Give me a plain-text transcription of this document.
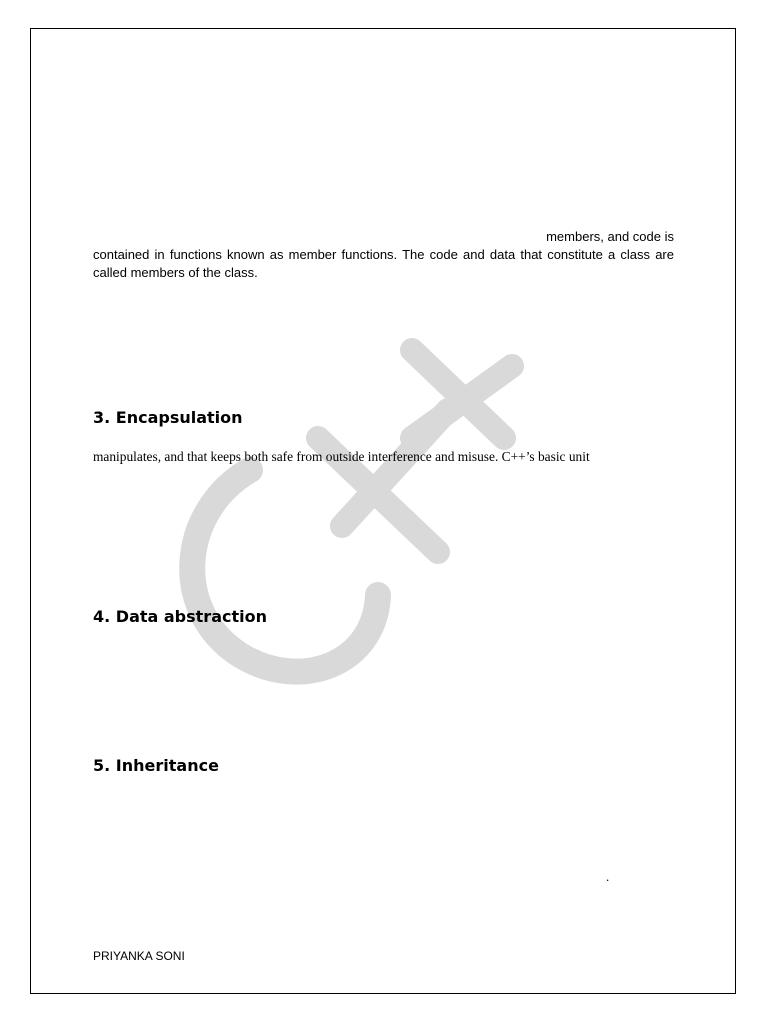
members, and code is
contained in functions known as member functions. The code and data that constitute a class are called members of the class.
3. Encapsulation
manipulates, and that keeps both safe from outside interference and misuse. C++’s basic unit
4. Data abstraction
5. Inheritance
.
PRIYANKA SONI
